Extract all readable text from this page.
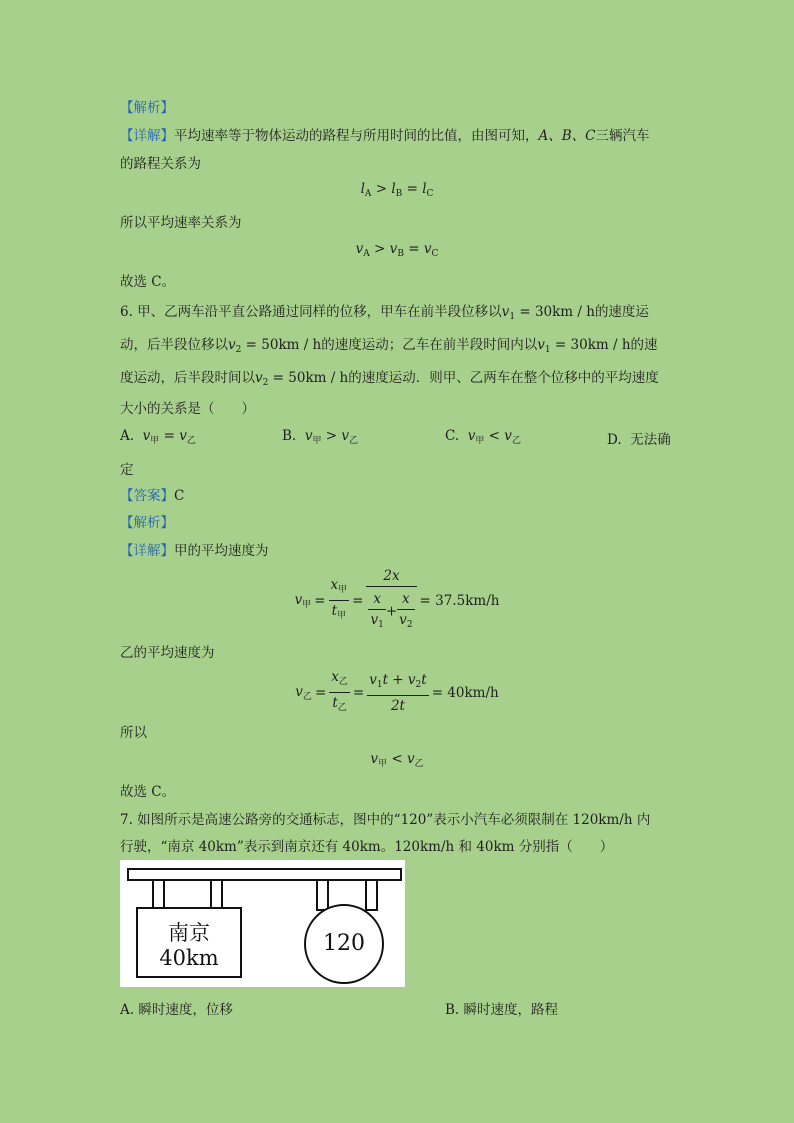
【解析】
【详解】平均速率等于物体运动的路程与所用时间的比值，由图可知，A、B、C三辆汽车
的路程关系为
$l_A > l_B = l_C$
所以平均速率关系为
$v_A > v_B = v_C$
故选 C。
6. 甲、乙两车沿平直公路通过同样的位移，甲车在前半段位移以$v_1 = 30km / h$的速度运
动，后半段位移以$v_2 = 50km / h$的速度运动；乙车在前半段时间内以$v_1 = 30km / h$的速
度运动，后半段时间以$v_2 = 50km / h$的速度运动．则甲、乙两车在整个位移中的平均速度
大小的关系是（　　）
A. $v_甲 = v_乙$	B. $v_甲 > v_乙$	C. $v_甲 < v_乙$	D. 无法确
定
【答案】C
【解析】
【详解】甲的平均速度为
$v_甲 = \frac{x_甲}{t_甲} = \frac{2x}{\frac{x}{v_1} + \frac{x}{v_2}} = 37.5km/h$
乙的平均速度为
$v_乙 = \frac{x_乙}{t_乙} = \frac{v_1t + v_2t}{2t} = 40km/h$
所以
$v_甲 < v_乙$
故选 C。
7. 如图所示是高速公路旁的交通标志，图中的“120”表示小汽车必须限制在 120km/h 内
行驶，“南京 40km”表示到南京还有 40km。120km/h 和 40km 分别指（　　）
南京
40km
120
A. 瞬时速度，位移	B. 瞬时速度，路程
